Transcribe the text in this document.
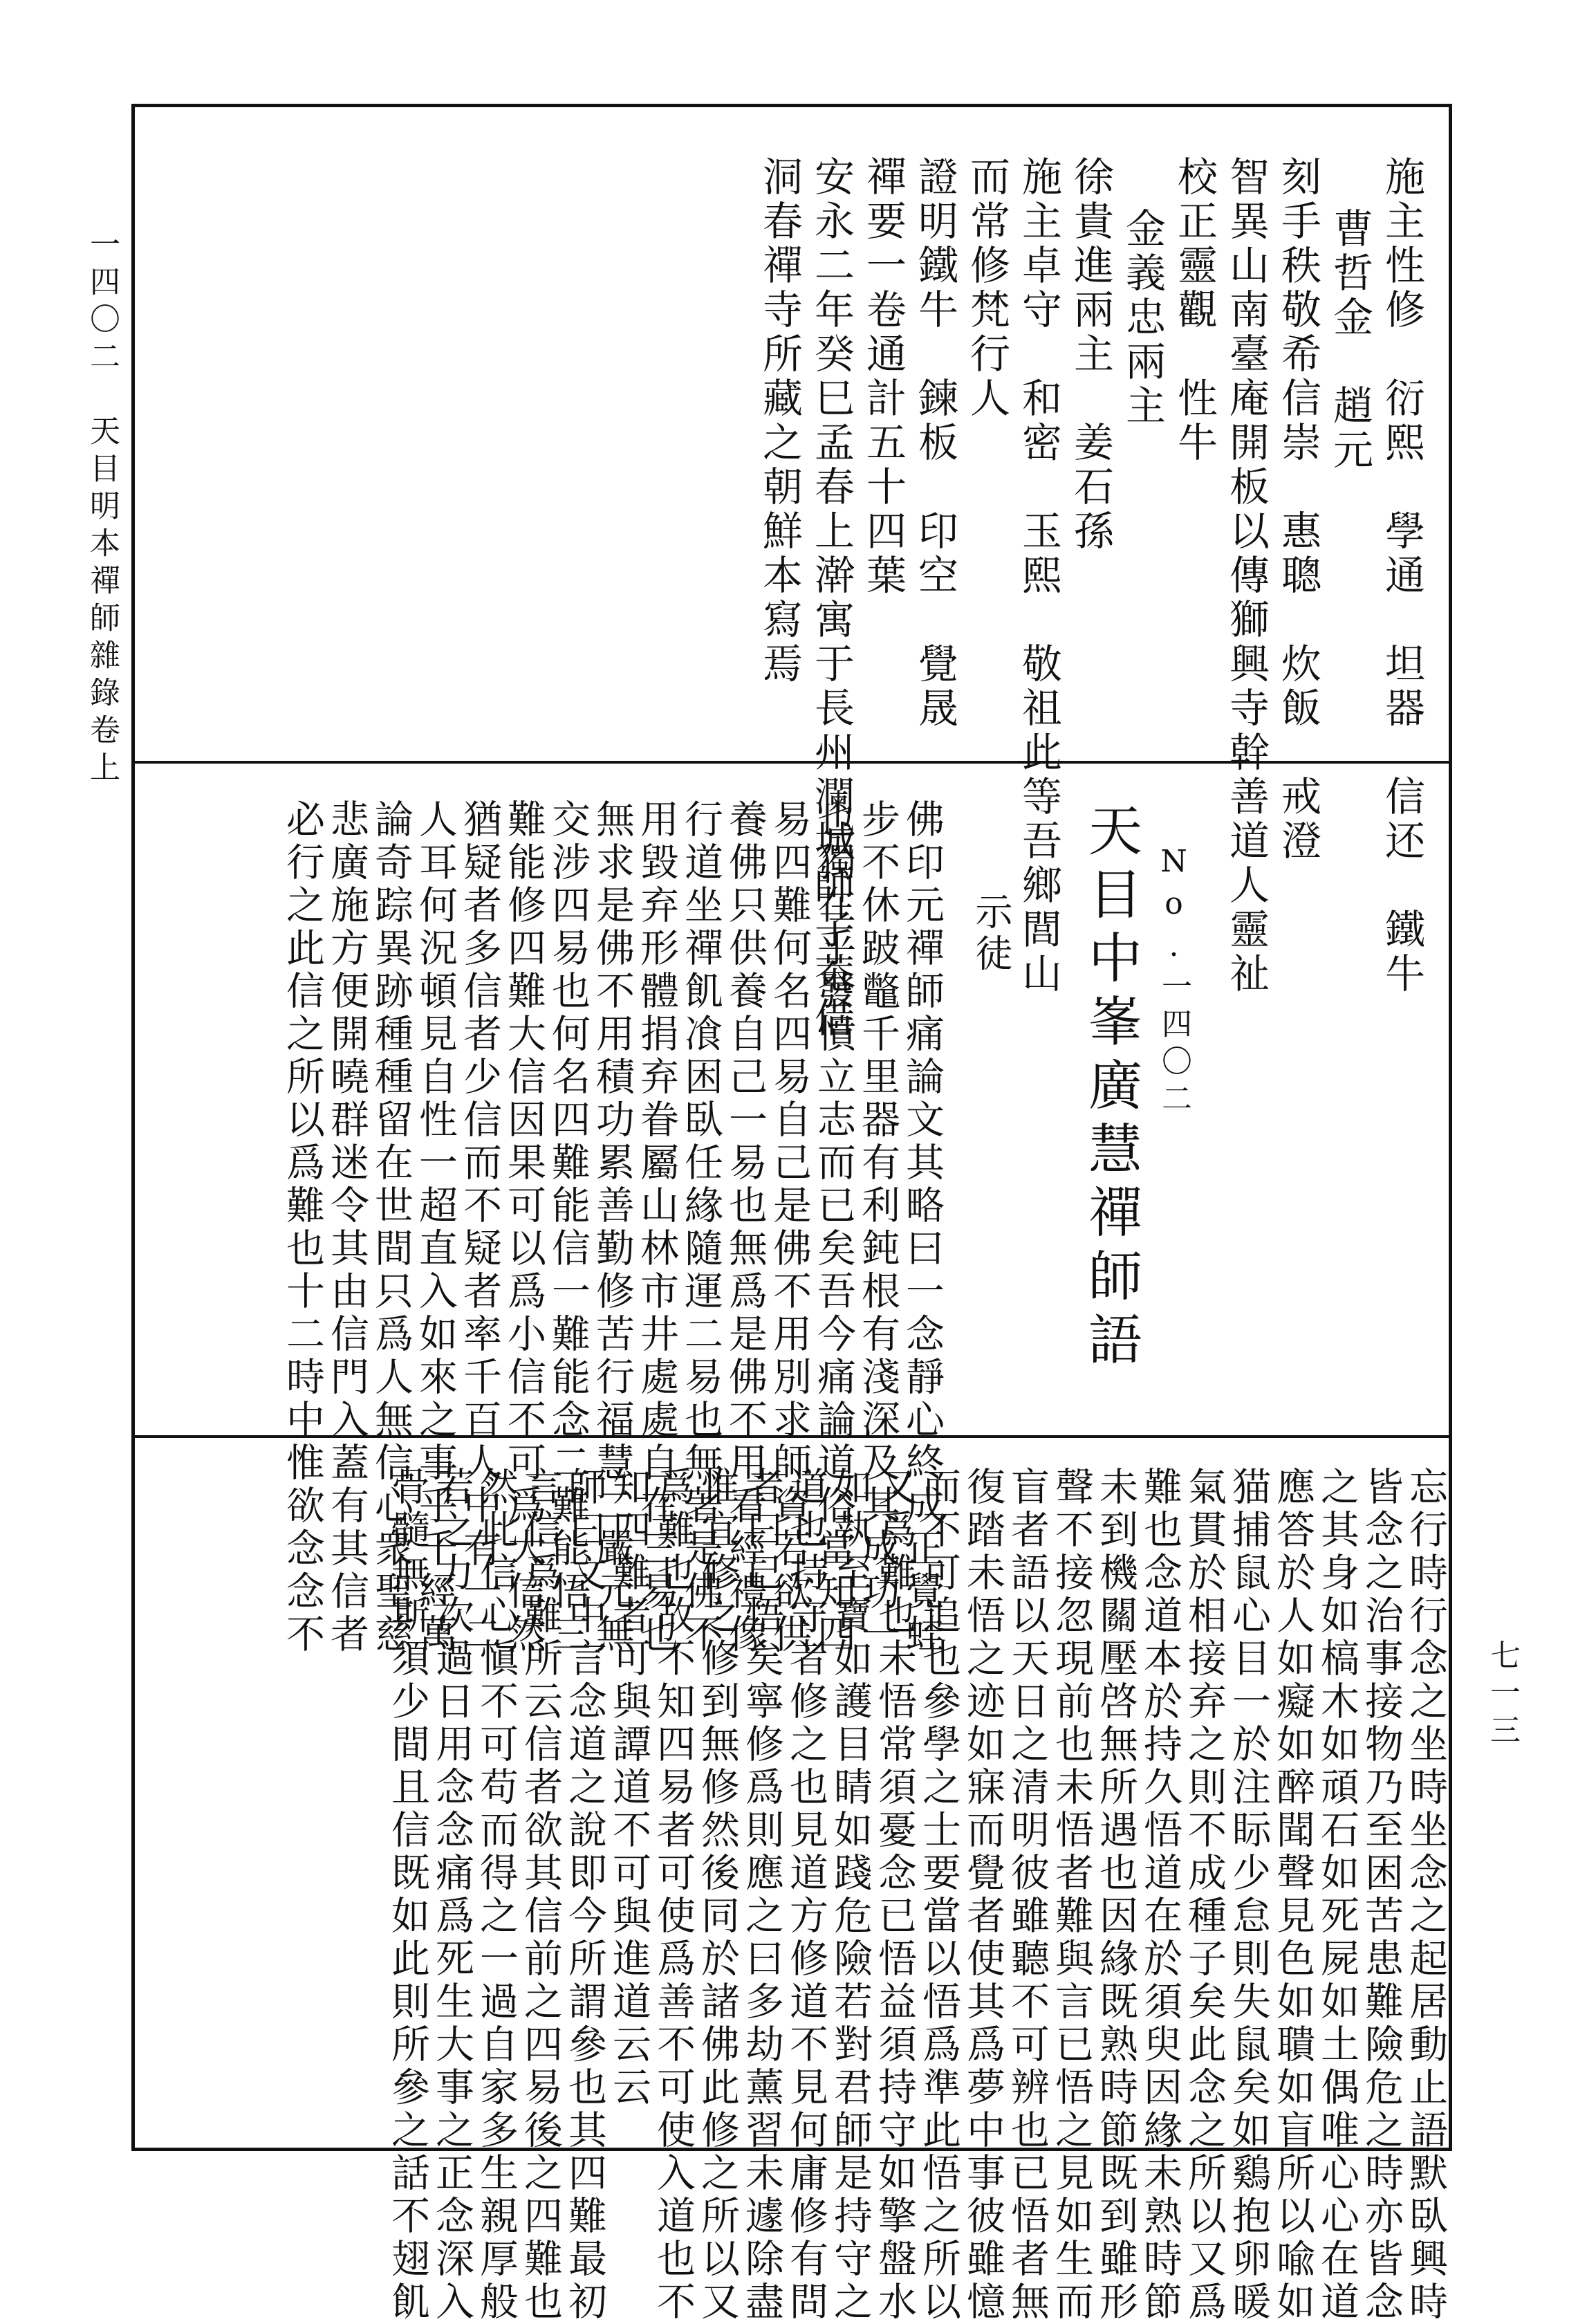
一四〇二　天目明本禪師雜錄卷上
七一三
施主性修　衍熙　學通　坦器　信还　鐵牛
曹哲金　趙元
刻手秩敬希信崇　惠聰　炊飯　戒澄
智異山南臺庵開板以傳獅興寺幹善道人靈祉
校正靈觀　性牛
金義忠兩主
徐貴進兩主　姜石孫
施主卓守　和密　玉熙　敬祖此等吾鄉閭山
而常修梵行人
證明鐵牛　鍊板　印空　覺晟
禪要一卷通計五十四葉
安永二年癸巳孟春上澣寓于長州瀾城師子菴借
洞春禪寺所藏之朝鮮本寫焉
天目中峯廣慧禪師語 No.一四〇二
示徒
佛印元禪師痛論文其略曰一念靜心終成正覺蛙
步不休跛鼈千里器有利鈍根有淺深及其成功一
也獨在乎發憤立志而已矣吾今痛論道俗當知四
易四難何名四易自己是佛不用別求師資若欲供
養佛只供養自己一易也無爲是佛不用看經禮像
行道坐禪飢飡困臥任緣隨運二易也無著是佛不
用毀弃形體捐弃眷屬山林市井處處自在三易也
無求是佛不用積功累善勤修苦行福慧二嚴元無
交涉四易也何名四難能信一難能念二難能悟三
難能修四難大信因果可以爲小信不可爲大信然
猶疑者多信者少信而不疑者率千百人中有一二
人耳何況頓見自性一超直入如來之事乎千經萬
論奇踪異跡種種留在世間只爲人無信心衆聖慈
悲廣施方便開曉群迷令其由信門入蓋有其信者
必行之此信之所以爲難也十二時中惟欲念念不
忘行時行念之坐時坐念之起居動止語默臥興時
皆念之治事接物乃至困苦患難險危之時亦皆念
之其身如槁木如頑石如死屍如土偶唯心心在道
應答於人如癡如醉聞聲見色如聵如盲所以喩如
猫捕鼠心目一於注眎少怠則失鼠矣如鷄抱卵暖
氣貫於相接弃之則不成種子矣此念之所以又爲
難也念道本於持久悟道在於須臾因緣未熟時節
未到機關壓啓無所遇也因緣既熟時節既到雖形
聲不接忽現前也未悟者難與言已悟之見如生而
盲者語以天日之清明彼雖聽不可辨也已悟者無
復踏未悟之迹如寐而覺者使其爲夢中事彼雖憶
而不可追也參學之士要當以悟爲準此悟之所以
又爲難也未悟常須憂念已悟益須持守如擎盤水
如執至寶如護目睛如踐危險若對君師是持守之
道也持守者修之也見道方修道不見何庸修有問
者曰已悟矣寧修爲則應之曰多劫薰習未遽除盡
惟宜修之修到無修然後同於諸佛此修之所以又
爲難也故不知四易者可使爲善不可使入道也不
知四難者可與譚道不可與進道云云
師曰文中言念道之說即今所謂參也其四難最初
言信爲難所云信者欲其信前之四易後之四難也
然此信心愼不可苟而得之一過自家多生親厚般
若之力次過日用念念痛爲死生大事之正念深入
骨髓無斯須少間且信既如此則所參之話不翅飢
